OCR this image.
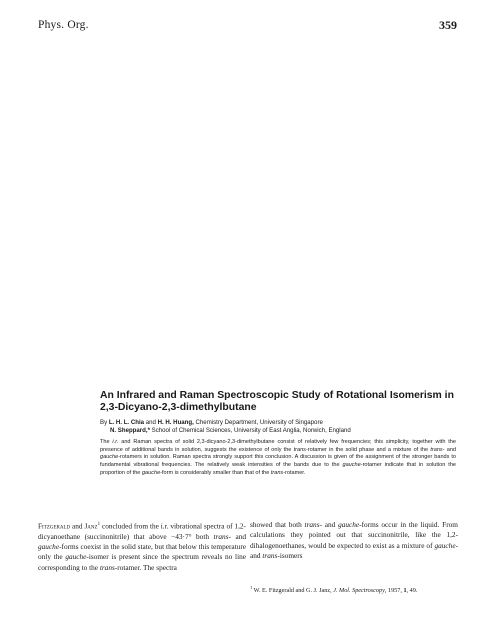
Phys. Org.	359
An Infrared and Raman Spectroscopic Study of Rotational Isomerism in 2,3-Dicyano-2,3-dimethylbutane
By L. H. L. Chia and H. H. Huang, Chemistry Department, University of Singapore
N. Sheppard,* School of Chemical Sciences, University of East Anglia, Norwich, England

The i.r. and Raman spectra of solid 2,3-dicyano-2,3-dimethylbutane consist of relatively few frequencies; this simplicity, together with the presence of additional bands in solution, suggests the existence of only the trans-rotamer in the solid phase and a mixture of the trans- and gauche-rotamers in solution. Raman spectra strongly support this conclusion. A discussion is given of the assignment of the stronger bands to fundamental vibrational frequencies. The relatively weak intensities of the bands due to the gauche-rotamer indicate that in solution the proportion of the gauche-form is considerably smaller than that of the trans-rotamer.

Fitzgerald and Janz$^1$ concluded from the i.r. vibrational spectra of 1,2-dicyanoethane (succinonitrile) that above −43·7° both trans- and gauche-forms coexist in the solid state, but that below this temperature only the gauche-isomer is present since the spectrum reveals no line corresponding to the trans-rotamer. The spectra
showed that both trans- and gauche-forms occur in the liquid. From calculations they pointed out that succinonitrile, like the 1,2-dihalogenoethanes, would be expected to exist as a mixture of gauche- and trans-isomers
$^1$ W. E. Fitzgerald and G. J. Janz, J. Mol. Spectroscopy, 1957, 1, 49.
